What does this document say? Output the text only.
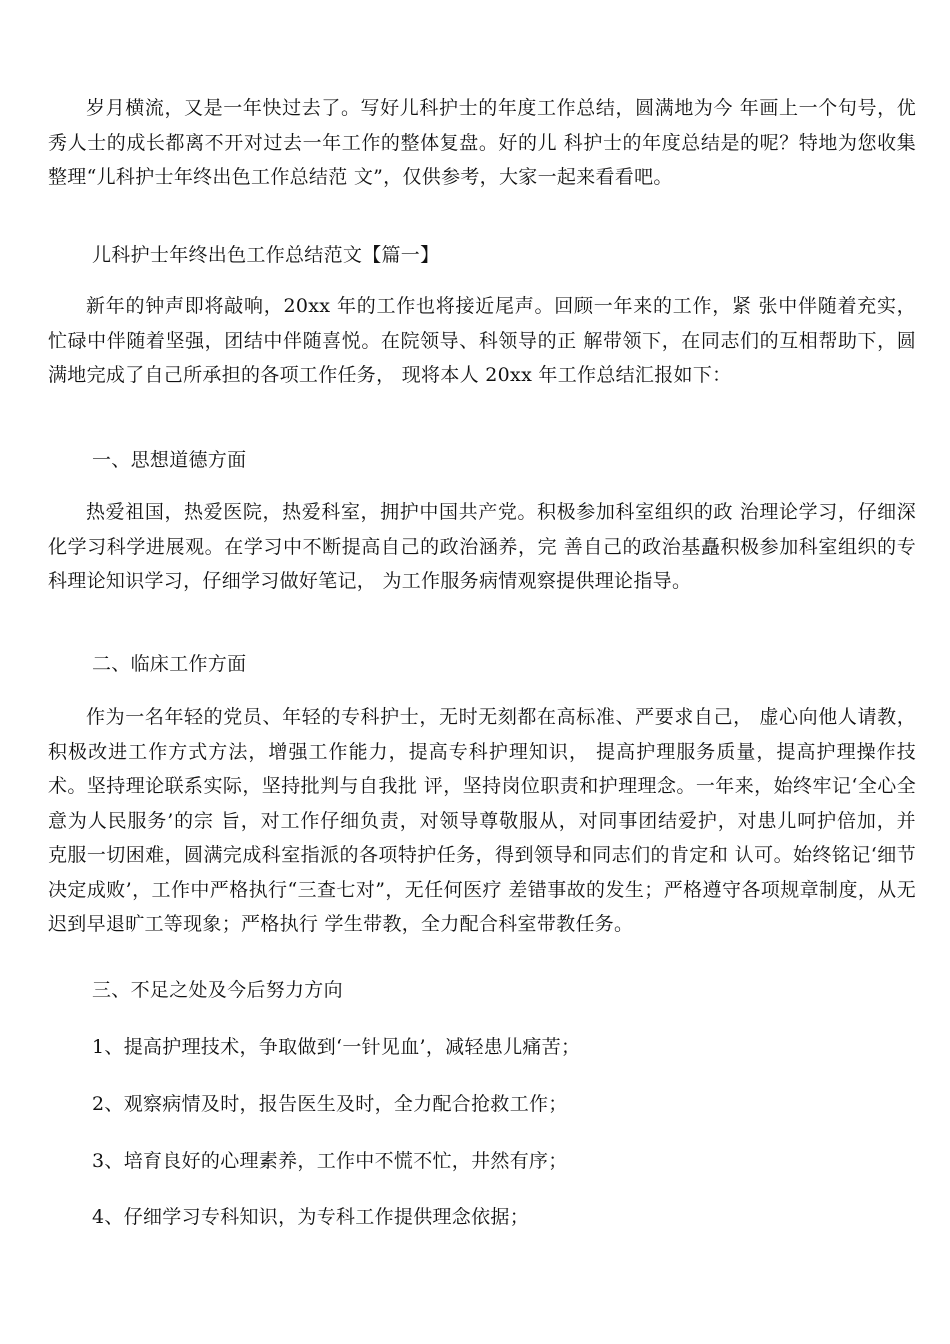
岁月横流，又是一年快过去了。写好儿科护士的年度工作总结，圆满地为今 年画上一个句号，优秀人士的成长都离不开对过去一年工作的整体复盘。好的儿 科护士的年度总结是的呢？特地为您收集整理“儿科护士年终出色工作总结范 文”，仅供参考，大家一起来看看吧。

儿科护士年终出色工作总结范文【篇一】

新年的钟声即将敲响，20xx 年的工作也将接近尾声。回顾一年来的工作，紧 张中伴随着充实，忙碌中伴随着坚强，团结中伴随喜悦。在院领导、科领导的正 解带领下，在同志们的互相帮助下，圆满地完成了自己所承担的各项工作任务， 现将本人 20xx 年工作总结汇报如下：

一、思想道德方面

热爱祖国，热爱医院，热爱科室，拥护中国共产党。积极参加科室组织的政 治理论学习，仔细深化学习科学进展观。在学习中不断提高自己的政治涵养，完 善自己的政治基矗积极参加科室组织的专科理论知识学习，仔细学习做好笔记， 为工作服务病情观察提供理论指导。

二、临床工作方面

作为一名年轻的党员、年轻的专科护士，无时无刻都在高标准、严要求自己， 虚心向他人请教，积极改进工作方式方法，增强工作能力，提高专科护理知识， 提高护理服务质量，提高护理操作技术。坚持理论联系实际，坚持批判与自我批 评，坚持岗位职责和护理理念。一年来，始终牢记‘全心全意为人民服务’的宗 旨，对工作仔细负责，对领导尊敬服从，对同事团结爱护，对患儿呵护倍加，并 克服一切困难，圆满完成科室指派的各项特护任务，得到领导和同志们的肯定和 认可。始终铭记‘细节决定成败’，工作中严格执行“三查七对”，无任何医疗 差错事故的发生；严格遵守各项规章制度，从无迟到早退旷工等现象；严格执行 学生带教，全力配合科室带教任务。

三、不足之处及今后努力方向

1、提高护理技术，争取做到‘一针见血’，减轻患儿痛苦；

2、观察病情及时，报告医生及时，全力配合抢救工作；

3、培育良好的心理素养，工作中不慌不忙，井然有序；

4、仔细学习专科知识，为专科工作提供理念依据；
